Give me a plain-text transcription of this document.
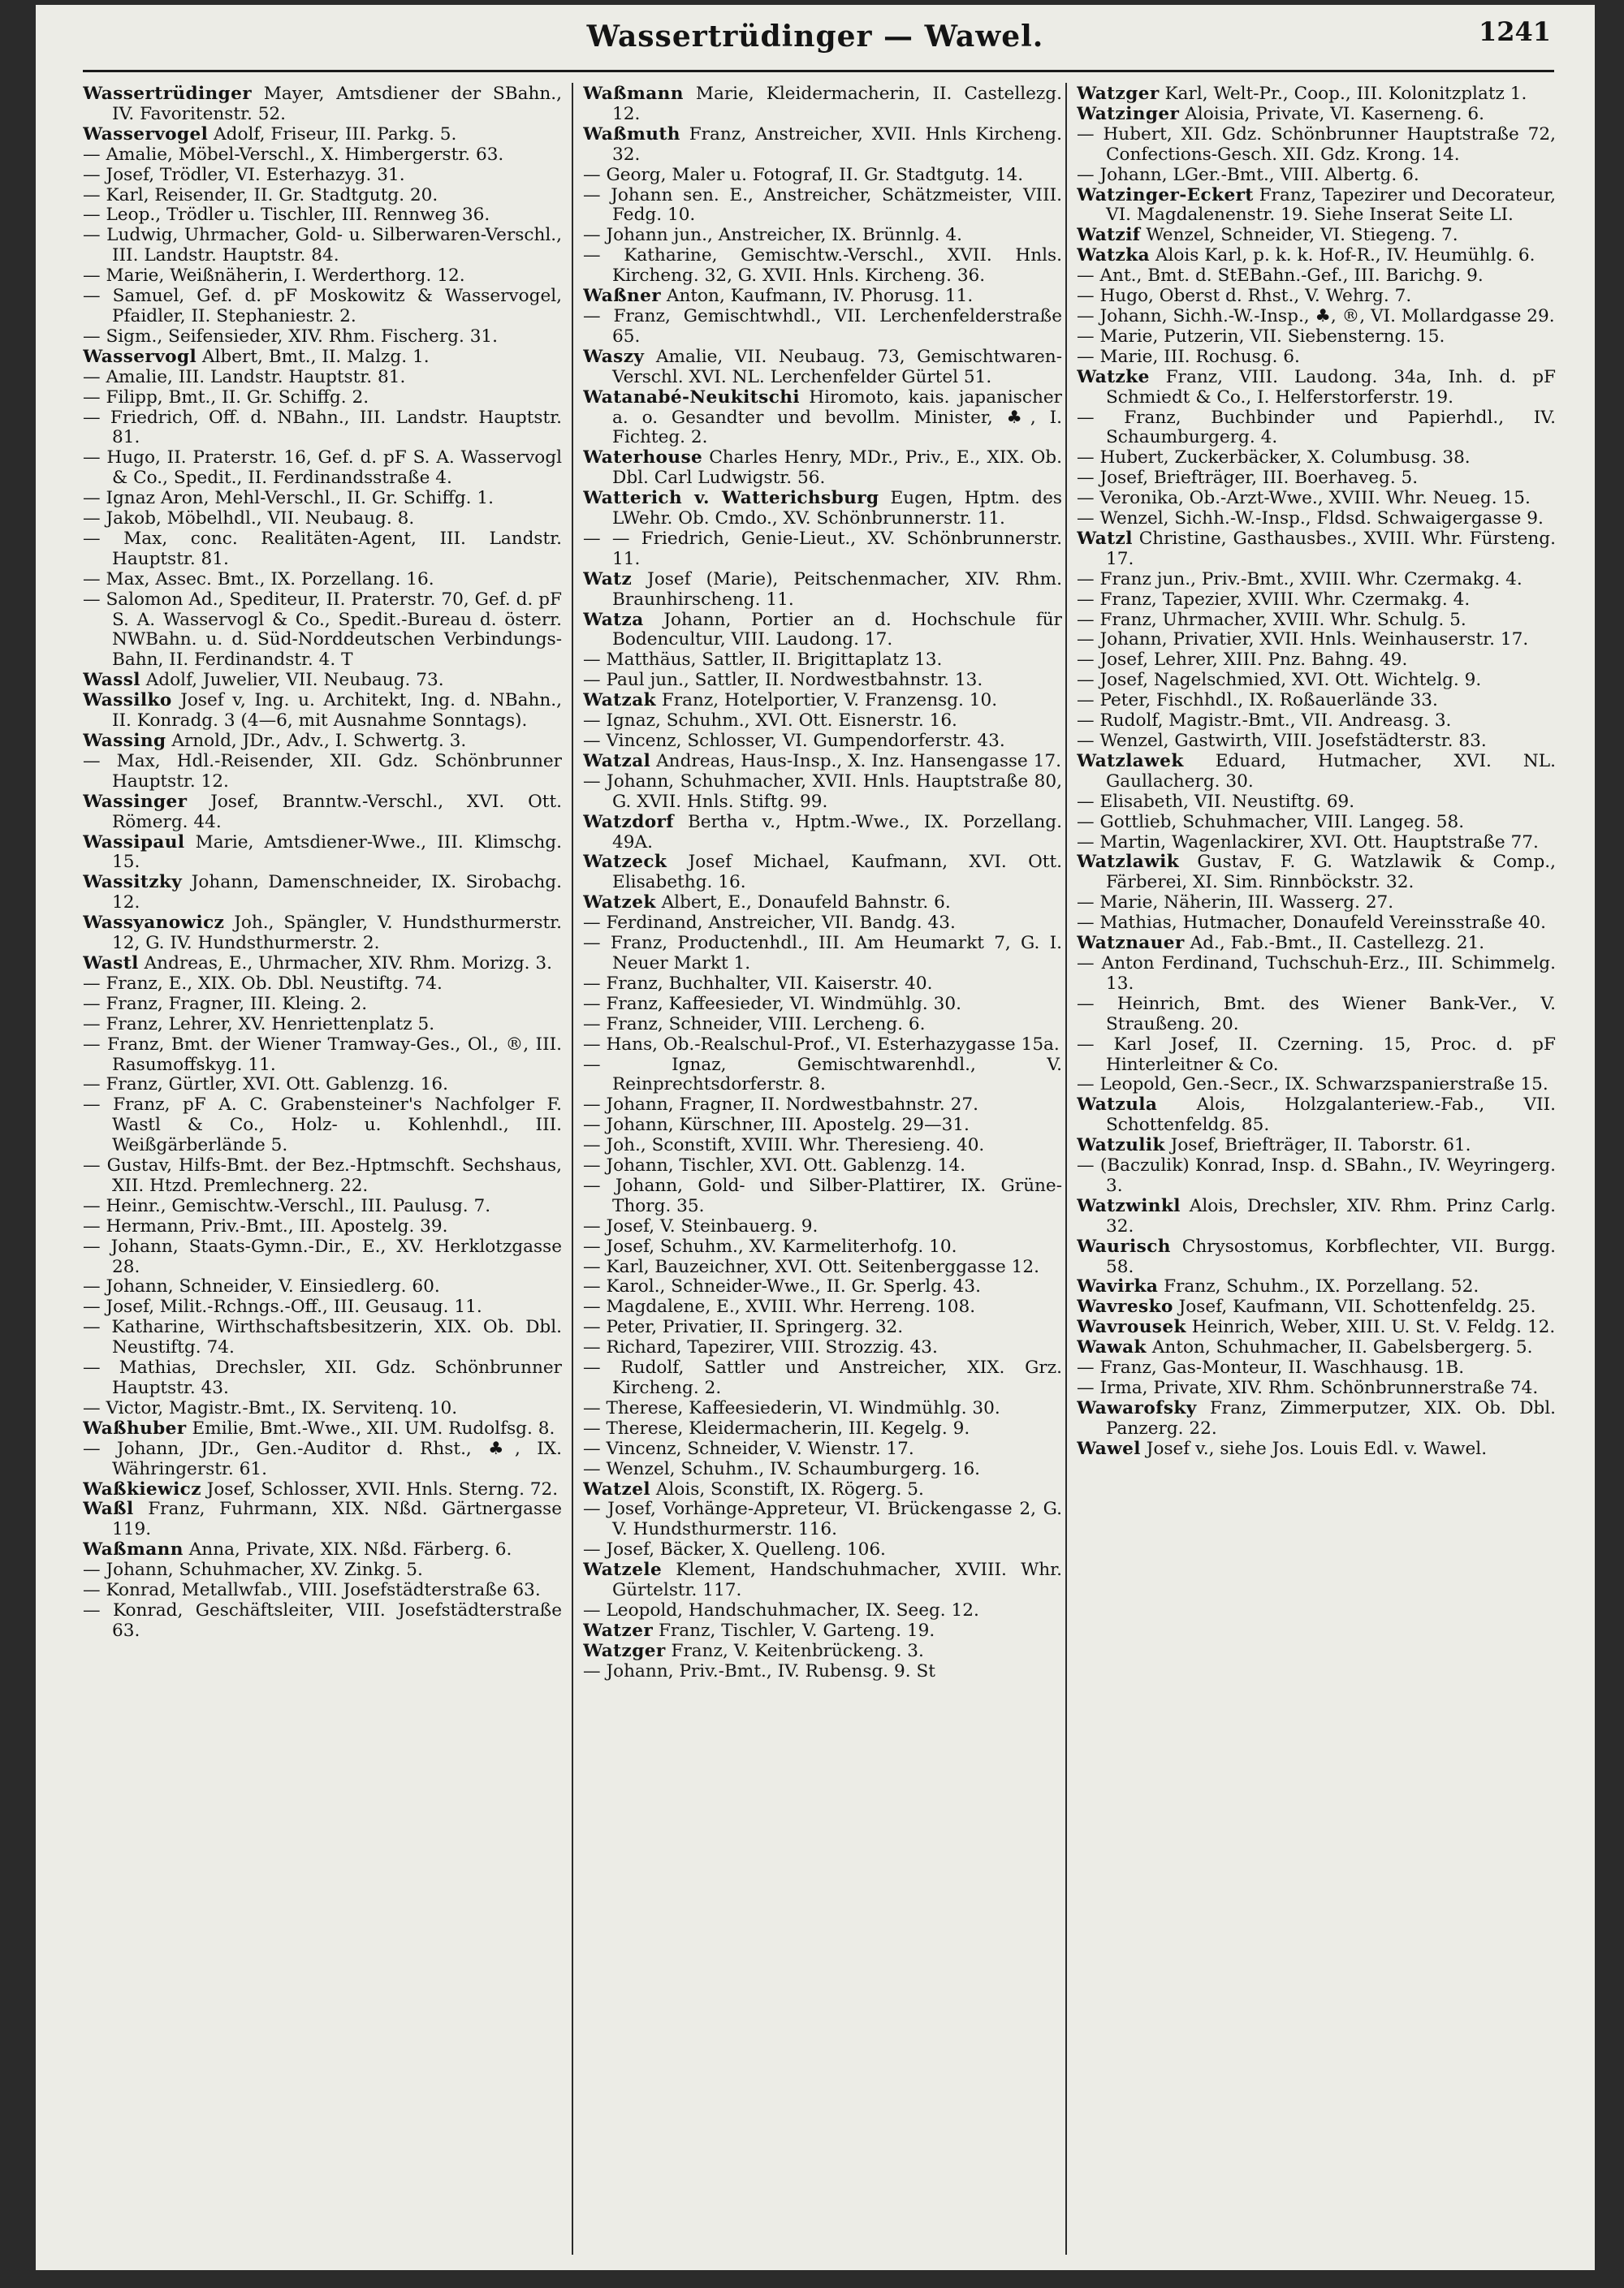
Wassertrüdinger — Wawel.	1241

Wassertrüdinger Mayer, Amtsdiener der SBahn., IV. Favoritenstr. 52.

Wasservogel Adolf, Friseur, III. Parkg. 5.

— Amalie, Möbel-Verschl., X. Himbergerstr. 63.

— Josef, Trödler, VI. Esterhazyg. 31.

— Karl, Reisender, II. Gr. Stadtgutg. 20.

— Leop., Trödler u. Tischler, III. Rennweg 36.

— Ludwig, Uhrmacher, Gold- u. Silberwaren-Verschl., III. Landstr. Hauptstr. 84.

— Marie, Weißnäherin, I. Werderthorg. 12.

— Samuel, Gef. d. pF Moskowitz & Wasservogel, Pfaidler, II. Stephaniestr. 2.

— Sigm., Seifensieder, XIV. Rhm. Fischerg. 31.

Wasservogl Albert, Bmt., II. Malzg. 1.

— Amalie, III. Landstr. Hauptstr. 81.

— Filipp, Bmt., II. Gr. Schiffg. 2.

— Friedrich, Off. d. NBahn., III. Landstr. Hauptstr. 81.

— Hugo, II. Praterstr. 16, Gef. d. pF S. A. Wasservogl & Co., Spedit., II. Ferdinandsstraße 4.

— Ignaz Aron, Mehl-Verschl., II. Gr. Schiffg. 1.

— Jakob, Möbelhdl., VII. Neubaug. 8.

— Max, conc. Realitäten-Agent, III. Landstr. Hauptstr. 81.

— Max, Assec. Bmt., IX. Porzellang. 16.

— Salomon Ad., Spediteur, II. Praterstr. 70, Gef. d. pF S. A. Wasservogl & Co., Spedit.-Bureau d. österr. NWBahn. u. d. Süd-Norddeutschen Verbindungs-Bahn, II. Ferdinandstr. 4. T

Wassl Adolf, Juwelier, VII. Neubaug. 73.

Wassilko Josef v, Ing. u. Architekt, Ing. d. NBahn., II. Konradg. 3 (4—6, mit Ausnahme Sonntags).

Wassing Arnold, JDr., Adv., I. Schwertg. 3.

— Max, Hdl.-Reisender, XII. Gdz. Schönbrunner Hauptstr. 12.

Wassinger Josef, Branntw.-Verschl., XVI. Ott. Römerg. 44.

Wassipaul Marie, Amtsdiener-Wwe., III. Klimschg. 15.

Wassitzky Johann, Damenschneider, IX. Sirobachg. 12.

Wassyanowicz Joh., Spängler, V. Hundsthurmerstr. 12, G. IV. Hundsthurmerstr. 2.

Wastl Andreas, E., Uhrmacher, XIV. Rhm. Morizg. 3.

— Franz, E., XIX. Ob. Dbl. Neustiftg. 74.

— Franz, Fragner, III. Kleing. 2.

— Franz, Lehrer, XV. Henriettenplatz 5.

— Franz, Bmt. der Wiener Tramway-Ges., Ol., ®, III. Rasumoffskyg. 11.

— Franz, Gürtler, XVI. Ott. Gablenzg. 16.

— Franz, pF A. C. Grabensteiner's Nachfolger F. Wastl & Co., Holz- u. Kohlenhdl., III. Weißgärberlände 5.

— Gustav, Hilfs-Bmt. der Bez.-Hptmschft. Sechshaus, XII. Htzd. Premlechnerg. 22.

— Heinr., Gemischtw.-Verschl., III. Paulusg. 7.

— Hermann, Priv.-Bmt., III. Apostelg. 39.

— Johann, Staats-Gymn.-Dir., E., XV. Herklotzgasse 28.

— Johann, Schneider, V. Einsiedlerg. 60.

— Josef, Milit.-Rchngs.-Off., III. Geusaug. 11.

— Katharine, Wirthschaftsbesitzerin, XIX. Ob. Dbl. Neustiftg. 74.

— Mathias, Drechsler, XII. Gdz. Schönbrunner Hauptstr. 43.

— Victor, Magistr.-Bmt., IX. Servitenq. 10.

Waßhuber Emilie, Bmt.-Wwe., XII. UM. Rudolfsg. 8.

— Johann, JDr., Gen.-Auditor d. Rhst., ♣, IX. Währingerstr. 61.

Waßkiewicz Josef, Schlosser, XVII. Hnls. Sterng. 72.

Waßl Franz, Fuhrmann, XIX. Nßd. Gärtnergasse 119.

Waßmann Anna, Private, XIX. Nßd. Färberg. 6.

— Johann, Schuhmacher, XV. Zinkg. 5.

— Konrad, Metallwfab., VIII. Josefstädterstraße 63.

— Konrad, Geschäftsleiter, VIII. Josefstädterstraße 63.

Waßmann Marie, Kleidermacherin, II. Castellezg. 12.

Waßmuth Franz, Anstreicher, XVII. Hnls Kircheng. 32.

— Georg, Maler u. Fotograf, II. Gr. Stadtgutg. 14.

— Johann sen. E., Anstreicher, Schätzmeister, VIII. Fedg. 10.

— Johann jun., Anstreicher, IX. Brünnlg. 4.

— Katharine, Gemischtw.-Verschl., XVII. Hnls. Kircheng. 32, G. XVII. Hnls. Kircheng. 36.

Waßner Anton, Kaufmann, IV. Phorusg. 11.

— Franz, Gemischtwhdl., VII. Lerchenfelderstraße 65.

Waszy Amalie, VII. Neubaug. 73, Gemischtwaren-Verschl. XVI. NL. Lerchenfelder Gürtel 51.

Watanabé-Neukitschi Hiromoto, kais. japanischer a. o. Gesandter und bevollm. Minister, ♣, I. Fichteg. 2.

Waterhouse Charles Henry, MDr., Priv., E., XIX. Ob. Dbl. Carl Ludwigstr. 56.

Watterich v. Watterichsburg Eugen, Hptm. des LWehr. Ob. Cmdo., XV. Schönbrunnerstr. 11.

— — Friedrich, Genie-Lieut., XV. Schönbrunnerstr. 11.

Watz Josef (Marie), Peitschenmacher, XIV. Rhm. Braunhirscheng. 11.

Watza Johann, Portier an d. Hochschule für Bodencultur, VIII. Laudong. 17.

— Matthäus, Sattler, II. Brigittaplatz 13.

— Paul jun., Sattler, II. Nordwestbahnstr. 13.

Watzak Franz, Hotelportier, V. Franzensg. 10.

— Ignaz, Schuhm., XVI. Ott. Eisnerstr. 16.

— Vincenz, Schlosser, VI. Gumpendorferstr. 43.

Watzal Andreas, Haus-Insp., X. Inz. Hansengasse 17.

— Johann, Schuhmacher, XVII. Hnls. Hauptstraße 80, G. XVII. Hnls. Stiftg. 99.

Watzdorf Bertha v., Hptm.-Wwe., IX. Porzellang. 49A.

Watzeck Josef Michael, Kaufmann, XVI. Ott. Elisabethg. 16.

Watzek Albert, E., Donaufeld Bahnstr. 6.

— Ferdinand, Anstreicher, VII. Bandg. 43.

— Franz, Productenhdl., III. Am Heumarkt 7, G. I. Neuer Markt 1.

— Franz, Buchhalter, VII. Kaiserstr. 40.

— Franz, Kaffeesieder, VI. Windmühlg. 30.

— Franz, Schneider, VIII. Lercheng. 6.

— Hans, Ob.-Realschul-Prof., VI. Esterhazygasse 15a.

— Ignaz, Gemischtwarenhdl., V. Reinprechtsdorferstr. 8.

— Johann, Fragner, II. Nordwestbahnstr. 27.

— Johann, Kürschner, III. Apostelg. 29—31.

— Joh., Sconstift, XVIII. Whr. Theresieng. 40.

— Johann, Tischler, XVI. Ott. Gablenzg. 14.

— Johann, Gold- und Silber-Plattirer, IX. Grüne-Thorg. 35.

— Josef, V. Steinbauerg. 9.

— Josef, Schuhm., XV. Karmeliterhofg. 10.

— Karl, Bauzeichner, XVI. Ott. Seitenberggasse 12.

— Karol., Schneider-Wwe., II. Gr. Sperlg. 43.

— Magdalene, E., XVIII. Whr. Herreng. 108.

— Peter, Privatier, II. Springerg. 32.

— Richard, Tapezirer, VIII. Strozzig. 43.

— Rudolf, Sattler und Anstreicher, XIX. Grz. Kircheng. 2.

— Therese, Kaffeesiederin, VI. Windmühlg. 30.

— Therese, Kleidermacherin, III. Kegelg. 9.

— Vincenz, Schneider, V. Wienstr. 17.

— Wenzel, Schuhm., IV. Schaumburgerg. 16.

Watzel Alois, Sconstift, IX. Rögerg. 5.

— Josef, Vorhänge-Appreteur, VI. Brückengasse 2, G. V. Hundsthurmerstr. 116.

— Josef, Bäcker, X. Quelleng. 106.

Watzele Klement, Handschuhmacher, XVIII. Whr. Gürtelstr. 117.

— Leopold, Handschuhmacher, IX. Seeg. 12.

Watzer Franz, Tischler, V. Garteng. 19.

Watzger Franz, V. Keitenbrückeng. 3.

— Johann, Priv.-Bmt., IV. Rubensg. 9. St

Watzger Karl, Welt-Pr., Coop., III. Kolonitzplatz 1.

Watzinger Aloisia, Private, VI. Kaserneng. 6.

— Hubert, XII. Gdz. Schönbrunner Hauptstraße 72, Confections-Gesch. XII. Gdz. Krong. 14.

— Johann, LGer.-Bmt., VIII. Albertg. 6.

Watzinger-Eckert Franz, Tapezirer und Decorateur, VI. Magdalenenstr. 19. Siehe Inserat Seite LI.

Watzif Wenzel, Schneider, VI. Stiegeng. 7.

Watzka Alois Karl, p. k. k. Hof-R., IV. Heumühlg. 6.

— Ant., Bmt. d. StEBahn.-Gef., III. Barichg. 9.

— Hugo, Oberst d. Rhst., V. Wehrg. 7.

— Johann, Sichh.-W.-Insp., ♣, ®, VI. Mollardgasse 29.

— Marie, Putzerin, VII. Siebensterng. 15.

— Marie, III. Rochusg. 6.

Watzke Franz, VIII. Laudong. 34a, Inh. d. pF Schmiedt & Co., I. Helferstorferstr. 19.

— Franz, Buchbinder und Papierhdl., IV. Schaumburgerg. 4.

— Hubert, Zuckerbäcker, X. Columbusg. 38.

— Josef, Briefträger, III. Boerhaveg. 5.

— Veronika, Ob.-Arzt-Wwe., XVIII. Whr. Neueg. 15.

— Wenzel, Sichh.-W.-Insp., Fldsd. Schwaigergasse 9.

Watzl Christine, Gasthausbes., XVIII. Whr. Fürsteng. 17.

— Franz jun., Priv.-Bmt., XVIII. Whr. Czermakg. 4.

— Franz, Tapezier, XVIII. Whr. Czermakg. 4.

— Franz, Uhrmacher, XVIII. Whr. Schulg. 5.

— Johann, Privatier, XVII. Hnls. Weinhauserstr. 17.

— Josef, Lehrer, XIII. Pnz. Bahng. 49.

— Josef, Nagelschmied, XVI. Ott. Wichtelg. 9.

— Peter, Fischhdl., IX. Roßauerlände 33.

— Rudolf, Magistr.-Bmt., VII. Andreasg. 3.

— Wenzel, Gastwirth, VIII. Josefstädterstr. 83.

Watzlawek Eduard, Hutmacher, XVI. NL. Gaullacherg. 30.

— Elisabeth, VII. Neustiftg. 69.

— Gottlieb, Schuhmacher, VIII. Langeg. 58.

— Martin, Wagenlackirer, XVI. Ott. Hauptstraße 77.

Watzlawik Gustav, F. G. Watzlawik & Comp., Färberei, XI. Sim. Rinnböckstr. 32.

— Marie, Näherin, III. Wasserg. 27.

— Mathias, Hutmacher, Donaufeld Vereinsstraße 40.

Watznauer Ad., Fab.-Bmt., II. Castellezg. 21.

— Anton Ferdinand, Tuchschuh-Erz., III. Schimmelg. 13.

— Heinrich, Bmt. des Wiener Bank-Ver., V. Straußeng. 20.

— Karl Josef, II. Czerning. 15, Proc. d. pF Hinterleitner & Co.

— Leopold, Gen.-Secr., IX. Schwarzspanierstraße 15.

Watzula Alois, Holzgalanteriew.-Fab., VII. Schottenfeldg. 85.

Watzulik Josef, Briefträger, II. Taborstr. 61.

— (Baczulik) Konrad, Insp. d. SBahn., IV. Weyringerg. 3.

Watzwinkl Alois, Drechsler, XIV. Rhm. Prinz Carlg. 32.

Waurisch Chrysostomus, Korbflechter, VII. Burgg. 58.

Wavirka Franz, Schuhm., IX. Porzellang. 52.

Wavresko Josef, Kaufmann, VII. Schottenfeldg. 25.

Wavrousek Heinrich, Weber, XIII. U. St. V. Feldg. 12.

Wawak Anton, Schuhmacher, II. Gabelsbergerg. 5.

— Franz, Gas-Monteur, II. Waschhausg. 1B.

— Irma, Private, XIV. Rhm. Schönbrunnerstraße 74.

Wawarofsky Franz, Zimmerputzer, XIX. Ob. Dbl. Panzerg. 22.

Wawel Josef v., siehe Jos. Louis Edl. v. Wawel.
